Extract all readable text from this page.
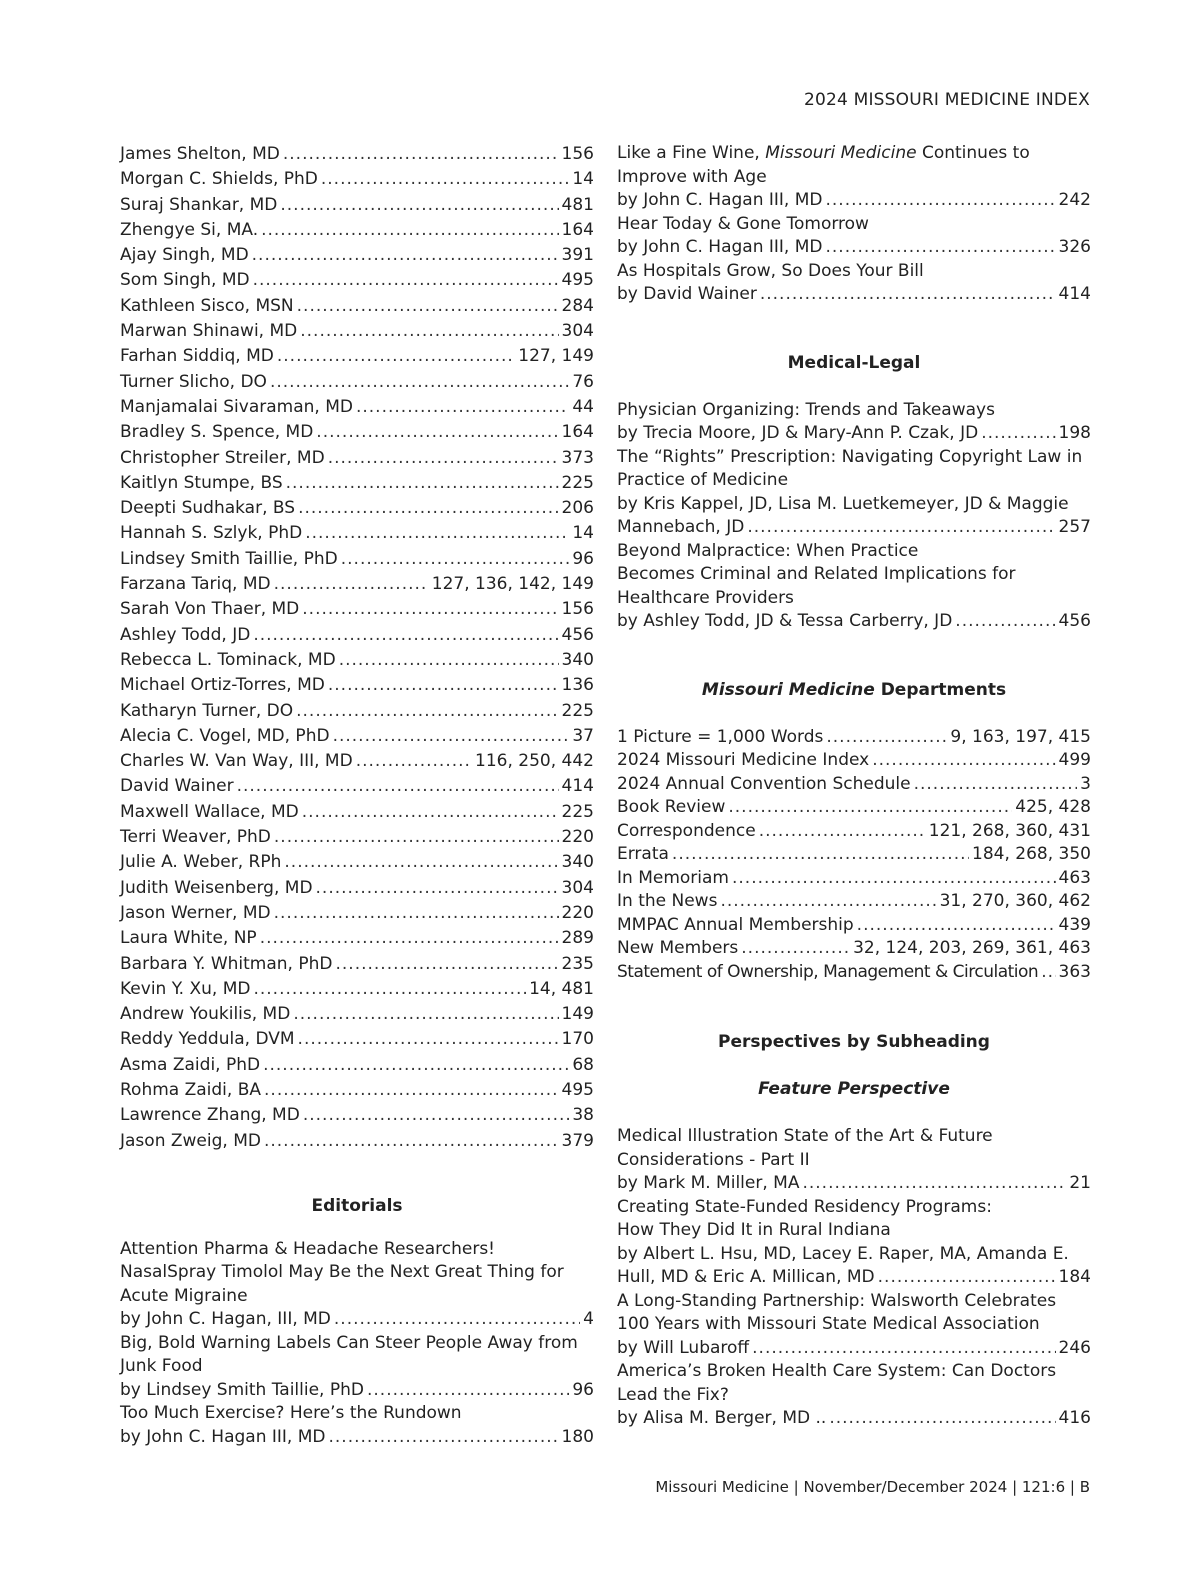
2024 MISSOURI MEDICINE INDEX
James Shelton, MD .....	156
Morgan C. Shields, PhD .....	14
Suraj Shankar, MD .....	481
Zhengye Si, MA. .....	164
Ajay Singh, MD .....	391
Som Singh, MD .....	495
Kathleen Sisco, MSN .....	284
Marwan Shinawi, MD .....	304
Farhan Siddiq, MD .....	127, 149
Turner Slicho, DO .....	76
Manjamalai Sivaraman, MD .....	44
Bradley S. Spence, MD .....	164
Christopher Streiler, MD .....	373
Kaitlyn Stumpe, BS .....	225
Deepti Sudhakar, BS .....	206
Hannah S. Szlyk, PhD .....	14
Lindsey Smith Taillie, PhD .....	96
Farzana Tariq, MD .....	127, 136, 142, 149
Sarah Von Thaer, MD .....	156
Ashley Todd, JD .....	456
Rebecca L. Tominack, MD .....	340
Michael Ortiz-Torres, MD .....	136
Katharyn Turner, DO .....	225
Alecia C. Vogel, MD, PhD .....	37
Charles W. Van Way, III, MD .....	116, 250, 442
David Wainer .....	414
Maxwell Wallace, MD .....	225
Terri Weaver, PhD .....	220
Julie A. Weber, RPh .....	340
Judith Weisenberg, MD .....	304
Jason Werner, MD .....	220
Laura White, NP .....	289
Barbara Y. Whitman, PhD .....	235
Kevin Y. Xu, MD .....	14, 481
Andrew Youkilis, MD .....	149
Reddy Yeddula, DVM .....	170
Asma Zaidi, PhD .....	68
Rohma Zaidi, BA .....	495
Lawrence Zhang, MD .....	38
Jason Zweig, MD .....	379
Editorials
Attention Pharma & Headache Researchers!
NasalSpray Timolol May Be the Next Great Thing for
Acute Migraine
by John C. Hagan, III, MD .....	4
Big, Bold Warning Labels Can Steer People Away from
Junk Food
by Lindsey Smith Taillie, PhD .....	96
Too Much Exercise? Here’s the Rundown
by John C. Hagan III, MD .....	180
Like a Fine Wine, Missouri Medicine Continues to
Improve with Age
by John C. Hagan III, MD .....	242
Hear Today & Gone Tomorrow
by John C. Hagan III, MD .....	326
As Hospitals Grow, So Does Your Bill
by David Wainer .....	414
Medical-Legal
Physician Organizing: Trends and Takeaways
by Trecia Moore, JD & Mary-Ann P. Czak, JD .....	198
The “Rights” Prescription: Navigating Copyright Law in
Practice of Medicine
by Kris Kappel, JD, Lisa M. Luetkemeyer, JD & Maggie
Mannebach, JD .....	257
Beyond Malpractice: When Practice
Becomes Criminal and Related Implications for
Healthcare Providers
by Ashley Todd, JD & Tessa Carberry, JD .....	456
Missouri Medicine Departments
1 Picture = 1,000 Words .....	9, 163, 197, 415
2024 Missouri Medicine Index .....	499
2024 Annual Convention Schedule .....	3
Book Review .....	425, 428
Correspondence .....	121, 268, 360, 431
Errata .....	184, 268, 350
In Memoriam .....	463
In the News .....	31, 270, 360, 462
MMPAC Annual Membership .....	439
New Members .....	32, 124, 203, 269, 361, 463
Statement of Ownership, Management & Circulation ..... 363
Perspectives by Subheading
Feature Perspective
Medical Illustration State of the Art & Future
Considerations - Part II
by Mark M. Miller, MA .....	21
Creating State-Funded Residency Programs:
How They Did It in Rural Indiana
by Albert L. Hsu, MD, Lacey E. Raper, MA, Amanda E.
Hull, MD & Eric A. Millican, MD .....	184
A Long-Standing Partnership: Walsworth Celebrates
100 Years with Missouri State Medical Association
by Will Lubaroff .....	246
America’s Broken Health Care System: Can Doctors
Lead the Fix?
by Alisa M. Berger, MD .. .....	416
Missouri Medicine | November/December 2024 | 121:6 | B
